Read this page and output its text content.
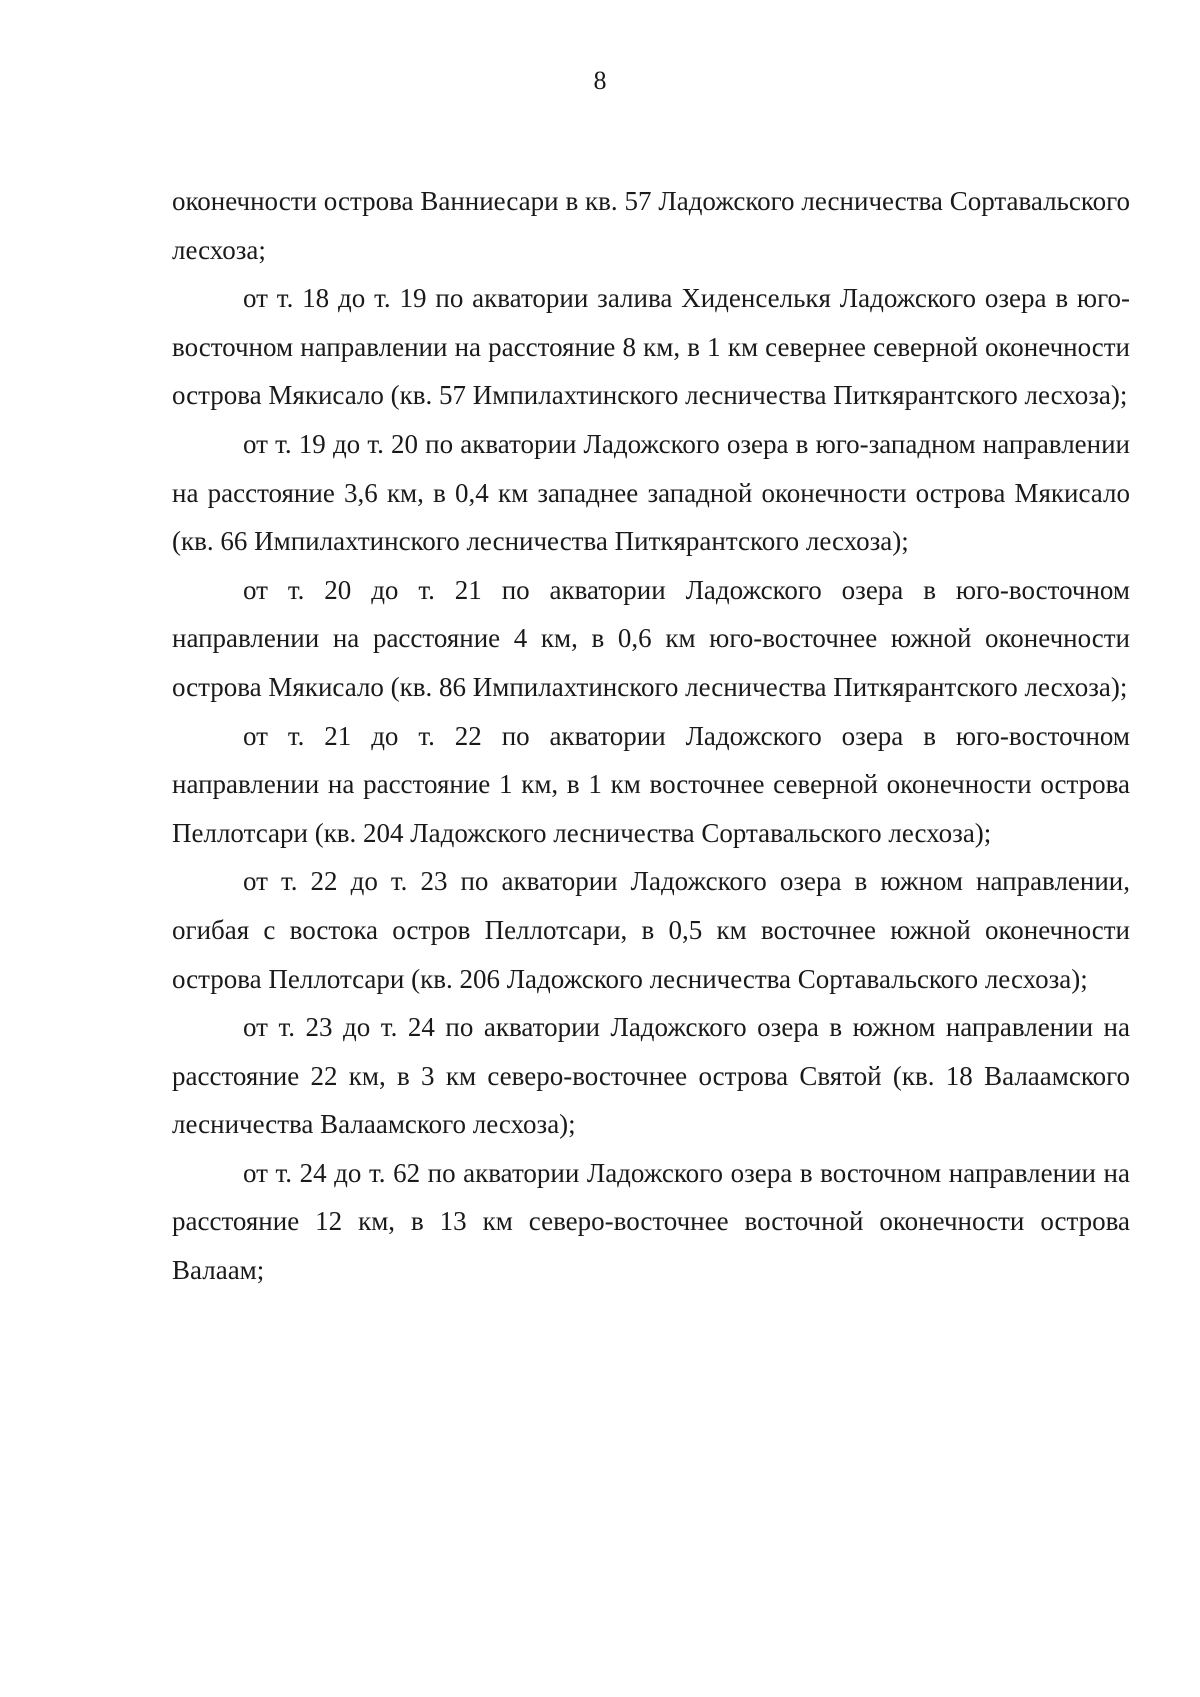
8

оконечности острова Ванниесари в кв. 57 Ладожского лесничества Сортавальского лесхоза;

от т. 18 до т. 19 по акватории залива Хиденселькя Ладожского озера в юго-восточном направлении на расстояние 8 км, в 1 км севернее северной оконечности острова Мякисало (кв. 57 Импилахтинского лесничества Питкярантского лесхоза);

от т. 19 до т. 20 по акватории Ладожского озера в юго-западном направлении на расстояние 3,6 км, в 0,4 км западнее западной оконечности острова Мякисало (кв. 66 Импилахтинского лесничества Питкярантского лесхоза);

от т. 20 до т. 21 по акватории Ладожского озера в юго-восточном направлении на расстояние 4 км, в 0,6 км юго-восточнее южной оконечности острова Мякисало (кв. 86 Импилахтинского лесничества Питкярантского лесхоза);

от т. 21 до т. 22 по акватории Ладожского озера в юго-восточном направлении на расстояние 1 км, в 1 км восточнее северной оконечности острова Пеллотсари (кв. 204 Ладожского лесничества Сортавальского лесхоза);

от т. 22 до т. 23 по акватории Ладожского озера в южном направлении, огибая с востока остров Пеллотсари, в 0,5 км восточнее южной оконечности острова Пеллотсари (кв. 206 Ладожского лесничества Сортавальского лесхоза);

от т. 23 до т. 24 по акватории Ладожского озера в южном направлении на расстояние 22 км, в 3 км северо-восточнее острова Святой (кв. 18 Валаамского лесничества Валаамского лесхоза);

от т. 24 до т. 62 по акватории Ладожского озера в восточном направлении на расстояние 12 км, в 13 км северо-восточнее восточной оконечности острова Валаам;
